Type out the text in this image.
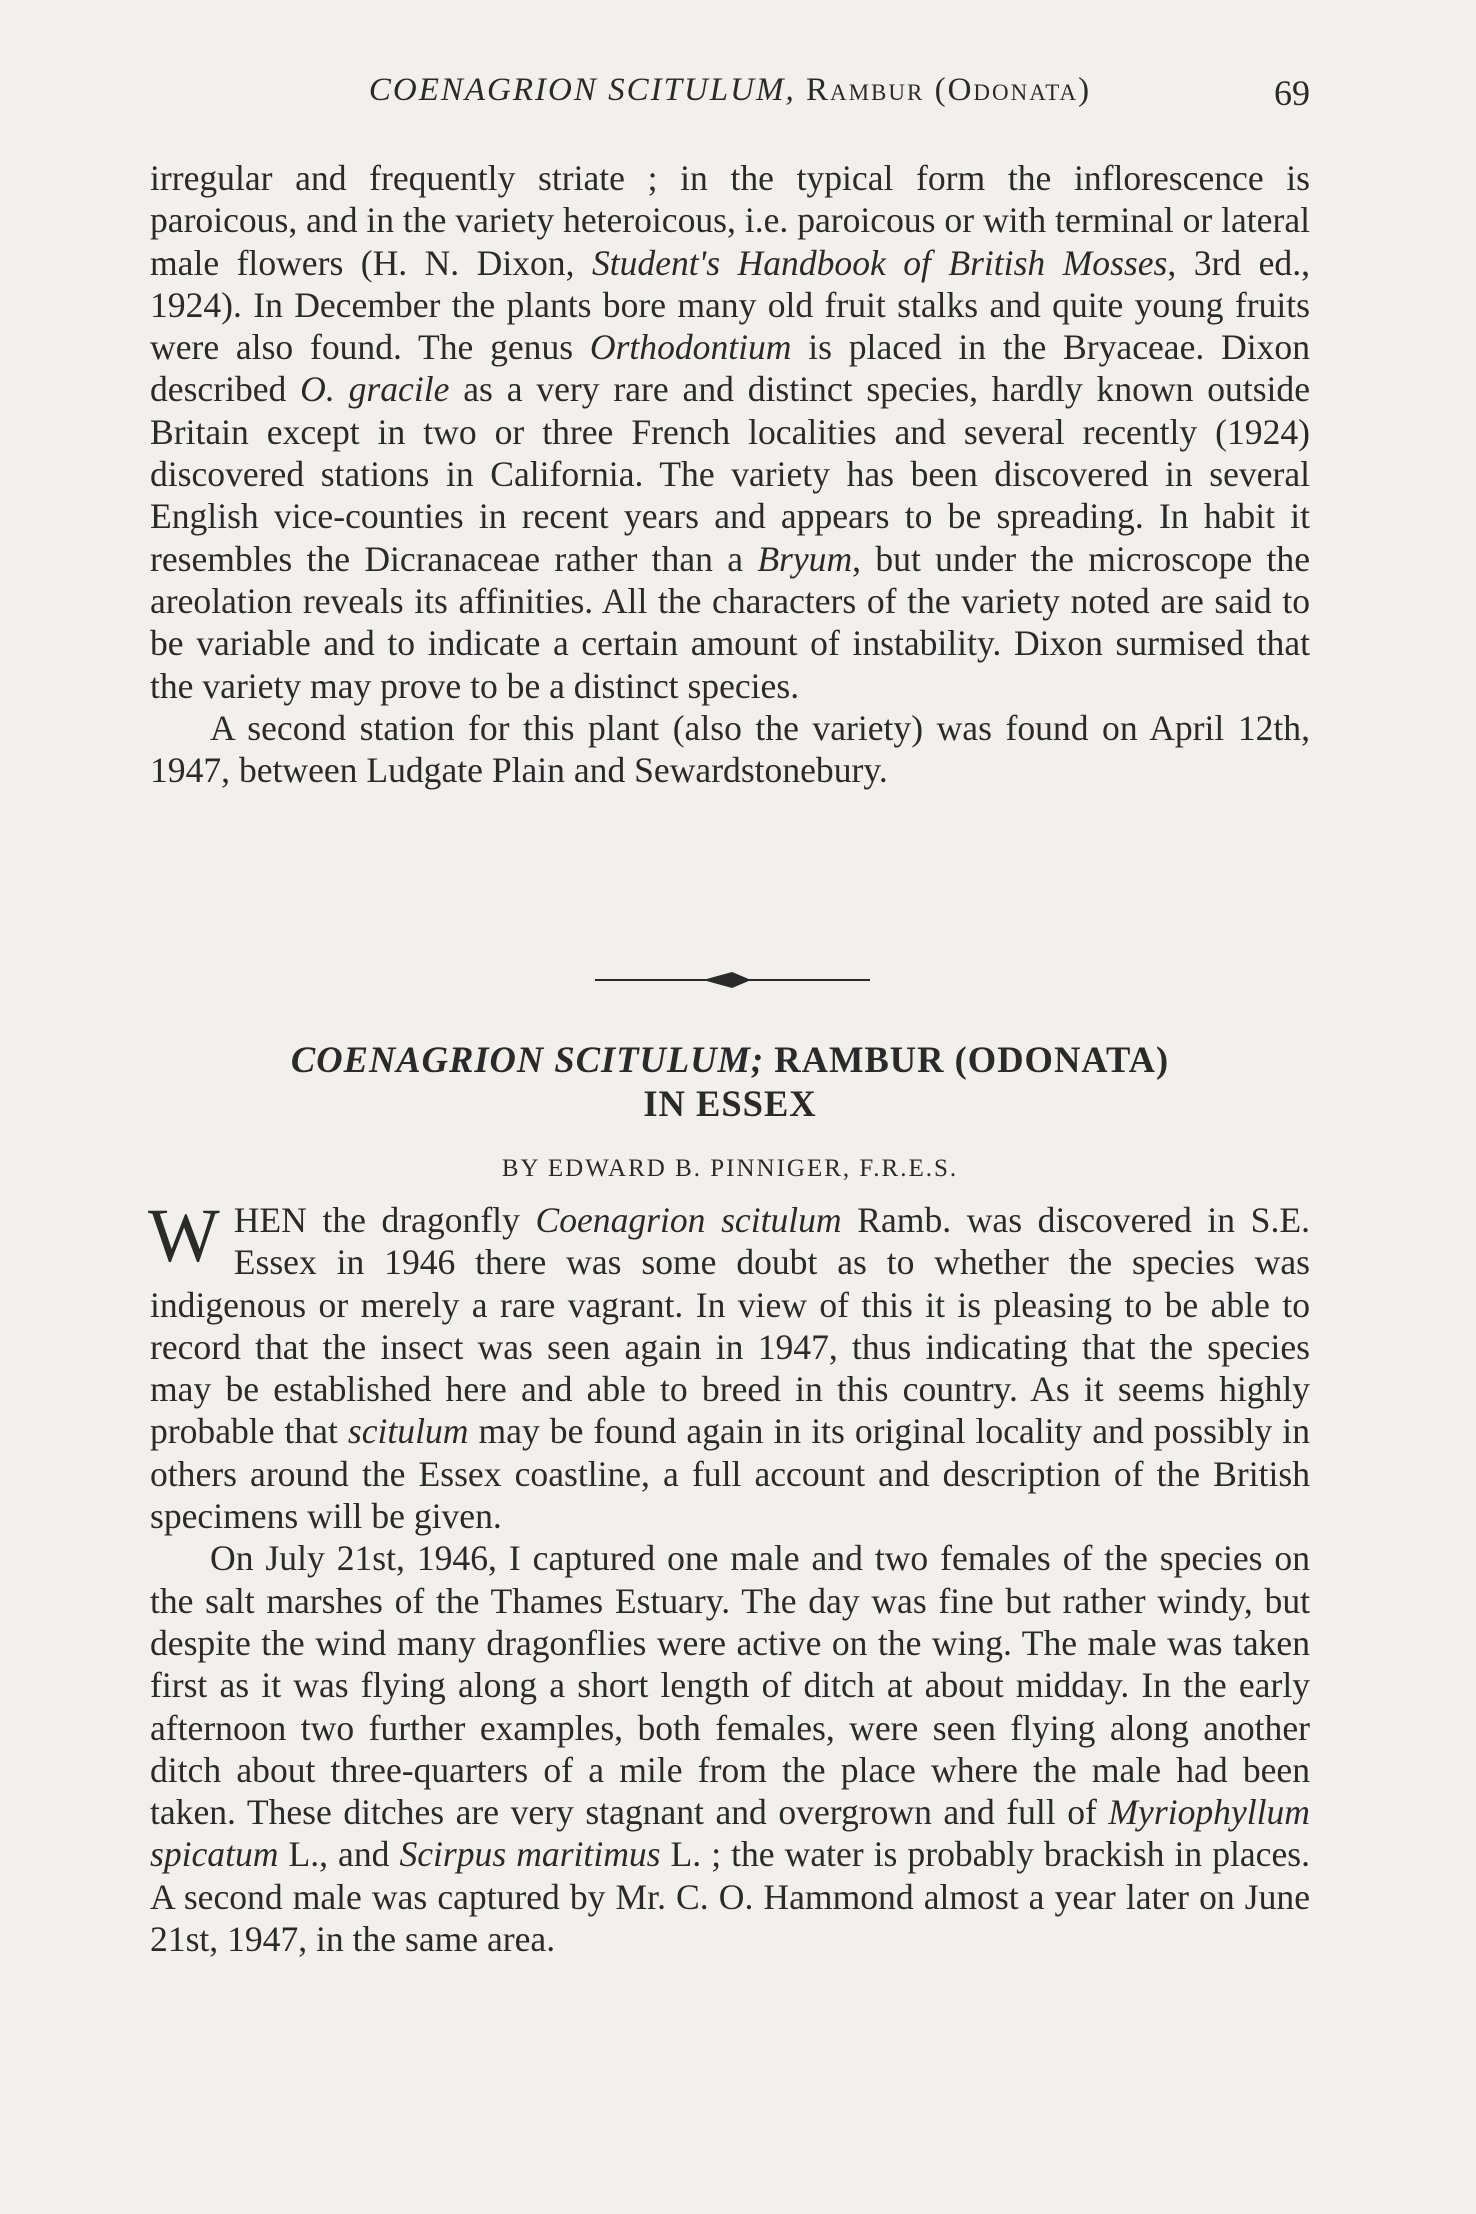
COENAGRION SCITULUM, Rambur (Odonata)	69

irregular and frequently striate ; in the typical form the inflorescence is paroicous, and in the variety heteroicous, i.e. paroicous or with terminal or lateral male flowers (H. N. Dixon, Student's Handbook of British Mosses, 3rd ed., 1924). In December the plants bore many old fruit stalks and quite young fruits were also found. The genus Orthodontium is placed in the Bryaceae. Dixon described O. gracile as a very rare and distinct species, hardly known outside Britain except in two or three French localities and several recently (1924) discovered stations in California. The variety has been discovered in several English vice-counties in recent years and appears to be spreading. In habit it resembles the Dicranaceae rather than a Bryum, but under the microscope the areolation reveals its affinities. All the characters of the variety noted are said to be variable and to indicate a certain amount of instability. Dixon surmised that the variety may prove to be a distinct species.

A second station for this plant (also the variety) was found on April 12th, 1947, between Ludgate Plain and Sewardstonebury.

COENAGRION SCITULUM; RAMBUR (ODONATA)
IN ESSEX
BY EDWARD B. PINNIGER, F.R.E.S.

WHEN the dragonfly Coenagrion scitulum Ramb. was discovered in S.E. Essex in 1946 there was some doubt as to whether the species was indigenous or merely a rare vagrant. In view of this it is pleasing to be able to record that the insect was seen again in 1947, thus indicating that the species may be established here and able to breed in this country. As it seems highly probable that scitulum may be found again in its original locality and possibly in others around the Essex coastline, a full account and description of the British specimens will be given.

On July 21st, 1946, I captured one male and two females of the species on the salt marshes of the Thames Estuary. The day was fine but rather windy, but despite the wind many dragonflies were active on the wing. The male was taken first as it was flying along a short length of ditch at about midday. In the early afternoon two further examples, both females, were seen flying along another ditch about three-quarters of a mile from the place where the male had been taken. These ditches are very stagnant and overgrown and full of Myriophyllum spicatum L., and Scirpus maritimus L. ; the water is probably brackish in places. A second male was captured by Mr. C. O. Hammond almost a year later on June 21st, 1947, in the same area.
